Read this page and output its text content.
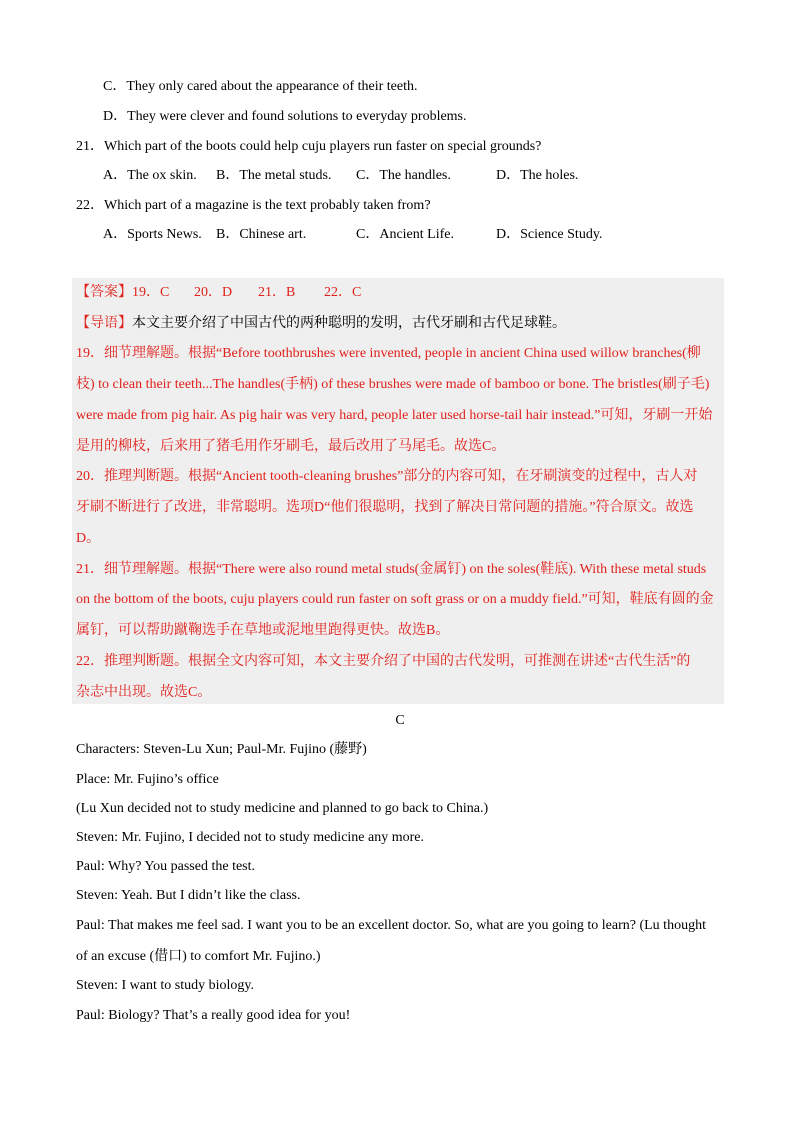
C．They only cared about the appearance of their teeth.
D．They were clever and found solutions to everyday problems.
21．Which part of the boots could help cuju players run faster on special grounds?
A．The ox skin. B．The metal studs. C．The handles.	D．The holes.
22．Which part of a magazine is the text probably taken from?
A．Sports News. B．Chinese art.	C．Ancient Life.	D．Science Study.
【答案】19．C 20．D 21．B 22．C
【导语】本文主要介绍了中国古代的两种聪明的发明，古代牙刷和古代足球鞋。
19．细节理解题。根据“Before toothbrushes were invented, people in ancient China used willow branches(柳
枝) to clean their teeth...The handles(手柄) of these brushes were made of bamboo or bone. The bristles(刷子毛)
were made from pig hair. As pig hair was very hard, people later used horse-tail hair instead.”可知，牙刷一开始
是用的柳枝，后来用了猪毛用作牙刷毛，最后改用了马尾毛。故选C。
20．推理判断题。根据“Ancient tooth-cleaning brushes”部分的内容可知，在牙刷演变的过程中，古人对
牙刷不断进行了改进，非常聪明。选项D“他们很聪明，找到了解决日常问题的措施。”符合原文。故选
D。
21．细节理解题。根据“There were also round metal studs(金属钉) on the soles(鞋底). With these metal studs
on the bottom of the boots, cuju players could run faster on soft grass or on a muddy field.”可知，鞋底有圆的金
属钉，可以帮助蹴鞠选手在草地或泥地里跑得更快。故选B。
22．推理判断题。根据全文内容可知，本文主要介绍了中国的古代发明，可推测在讲述“古代生活”的
杂志中出现。故选C。
C
Characters: Steven-Lu Xun; Paul-Mr. Fujino (藤野)
Place: Mr. Fujino’s office
(Lu Xun decided not to study medicine and planned to go back to China.)
Steven: Mr. Fujino, I decided not to study medicine any more.
Paul: Why? You passed the test.
Steven: Yeah. But I didn’t like the class.
Paul: That makes me feel sad. I want you to be an excellent doctor. So, what are you going to learn? (Lu thought
of an excuse (借口) to comfort Mr. Fujino.)
Steven: I want to study biology.
Paul: Biology? That’s a really good idea for you!
